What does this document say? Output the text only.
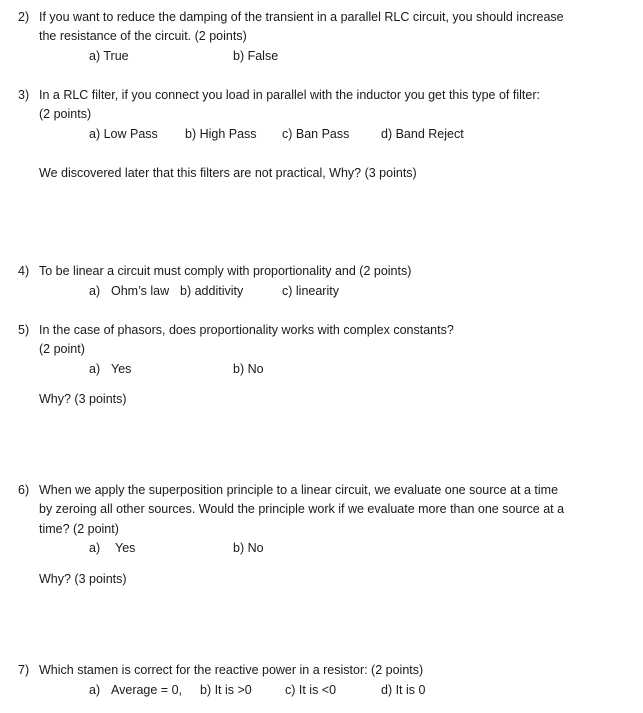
2) If you want to reduce the damping of the transient in a parallel RLC circuit, you should increase
the resistance of the circuit. (2 points)
a) True	b) False
3) In a RLC filter, if you connect you load in parallel with the inductor you get this type of filter:
(2 points)
a) Low Pass b) High Pass c) Ban Pass	d) Band Reject
We discovered later that this filters are not practical, Why? (3 points)
4) To be linear a circuit must comply with proportionality and (2 points)
a) Ohm’s law b) additivity	c) linearity
5) In the case of phasors, does proportionality works with complex constants?
(2 point)
a) Yes	b) No
Why? (3 points)
6) When we apply the superposition principle to a linear circuit, we evaluate one source at a time
by zeroing all other sources. Would the principle work if we evaluate more than one source at a
time? (2 point)
a) Yes	b) No
Why? (3 points)
7) Which stamen is correct for the reactive power in a resistor: (2 points)
a) Average = 0, b) It is >0	c) It is <0	d) It is 0
